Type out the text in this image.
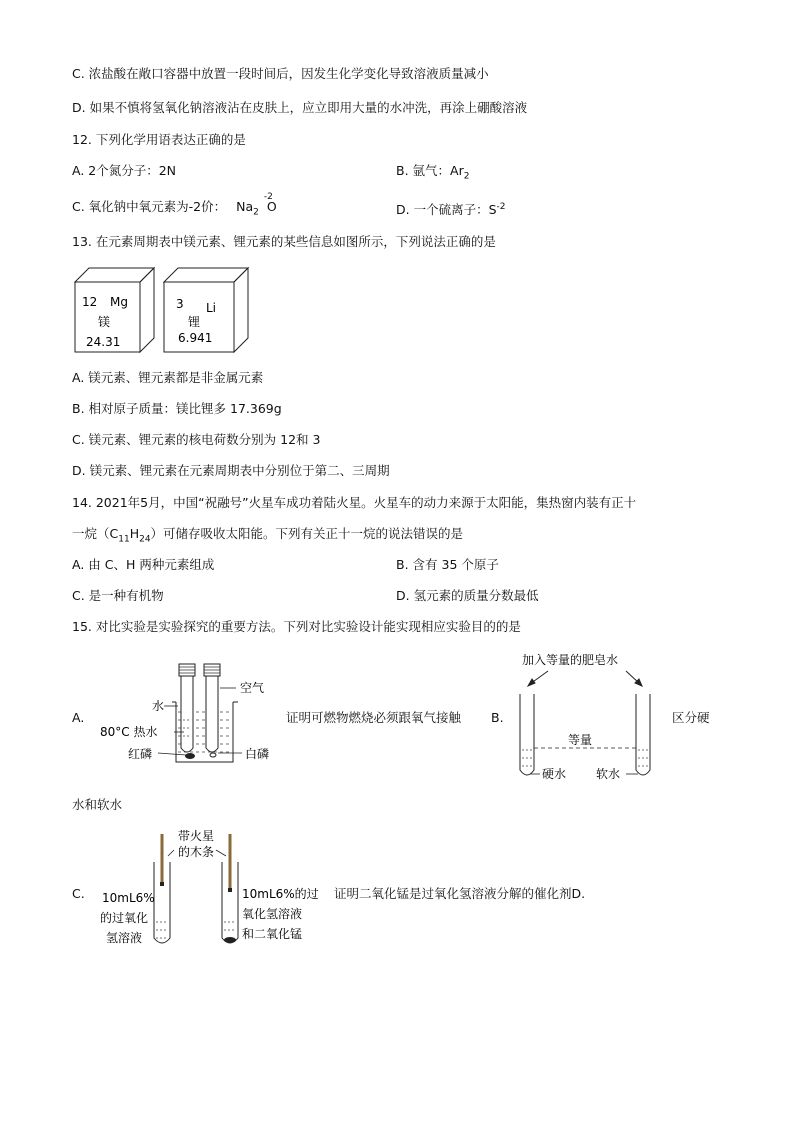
C. 浓盐酸在敞口容器中放置一段时间后，因发生化学变化导致溶液质量减小
D. 如果不慎将氢氧化钠溶液沾在皮肤上，应立即用大量的水冲洗，再涂上硼酸溶液
12. 下列化学用语表达正确的是
A. 2个氮分子：2N	B. 氩气：$Ar_2$
C. 氧化钠中氧元素为-2价： $Na_2$ O
-2
D. 一个硫离子：$S^{-2}$
13. 在元素周期表中镁元素、锂元素的某些信息如图所示，下列说法正确的是
12 Mg
镁
24.31
3 Li
锂
6.941
A. 镁元素、锂元素都是非金属元素
B. 相对原子质量：镁比锂多 17.369g
C. 镁元素、锂元素的核电荷数分别为 12和 3
D. 镁元素、锂元素在元素周期表中分别位于第二、三周期
14. 2021年5月，中国“祝融号”火星车成功着陆火星。火星车的动力来源于太阳能，集热窗内装有正十
一烷$(C_{11}H_{24})$可储存吸收太阳能。下列有关正十一烷的说法错误的是
A. 由 C、H 两种元素组成	B. 含有 35 个原子
C. 是一种有机物	D. 氢元素的质量分数最低
15. 对比实验是实验探究的重要方法。下列对比实验设计能实现相应实验目的的是
A.
空气
水
80°C 热水
红磷	白磷
证明可燃物燃烧必须跟氧气接触 B.
加入等量的肥皂水
等量
硬水 软水
区分硬
水和软水
C.
带火星
的木条
10mL6%
的过氧化
氢溶液
10mL6%的过
氧化氢溶液
和二氧化锰
证明二氧化锰是过氧化氢溶液分解的催化剂D.
